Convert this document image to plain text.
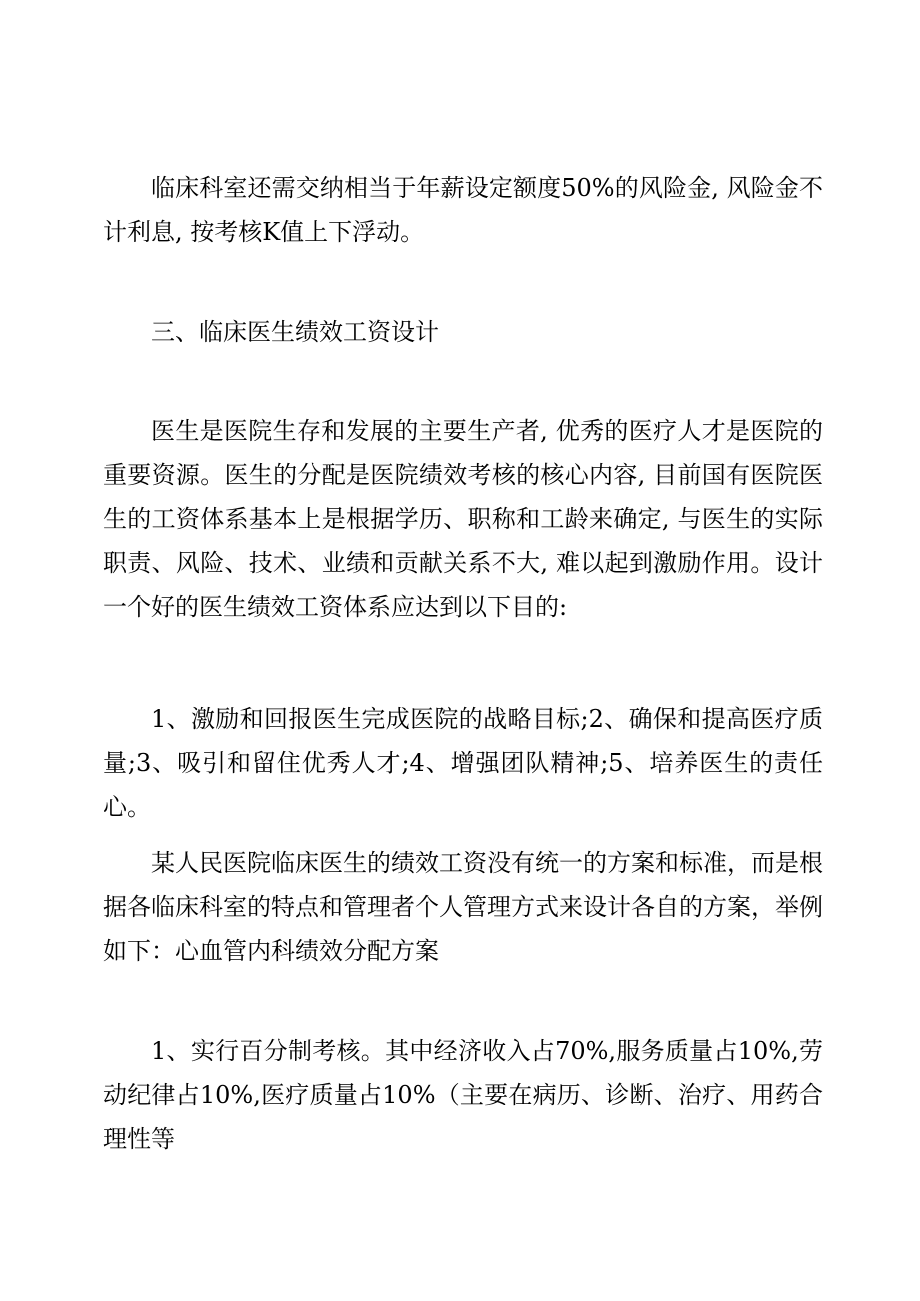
临床科室还需交纳相当于年薪设定额度50%的风险金, 风险金不计利息, 按考核K值上下浮动。

三、临床医生绩效工资设计

医生是医院生存和发展的主要生产者, 优秀的医疗人才是医院的重要资源。医生的分配是医院绩效考核的核心内容, 目前国有医院医生的工资体系基本上是根据学历、职称和工龄来确定, 与医生的实际职责、风险、技术、业绩和贡献关系不大, 难以起到激励作用。设计一个好的医生绩效工资体系应达到以下目的:

1、激励和回报医生完成医院的战略目标;2、确保和提高医疗质量;3、吸引和留住优秀人才;4、增强团队精神;5、培养医生的责任心。

某人民医院临床医生的绩效工资没有统一的方案和标准，而是根据各临床科室的特点和管理者个人管理方式来设计各自的方案，举例如下：心血管内科绩效分配方案

1、实行百分制考核。其中经济收入占70%,服务质量占10%,劳动纪律占10%,医疗质量占10%（主要在病历、诊断、治疗、用药合理性等
